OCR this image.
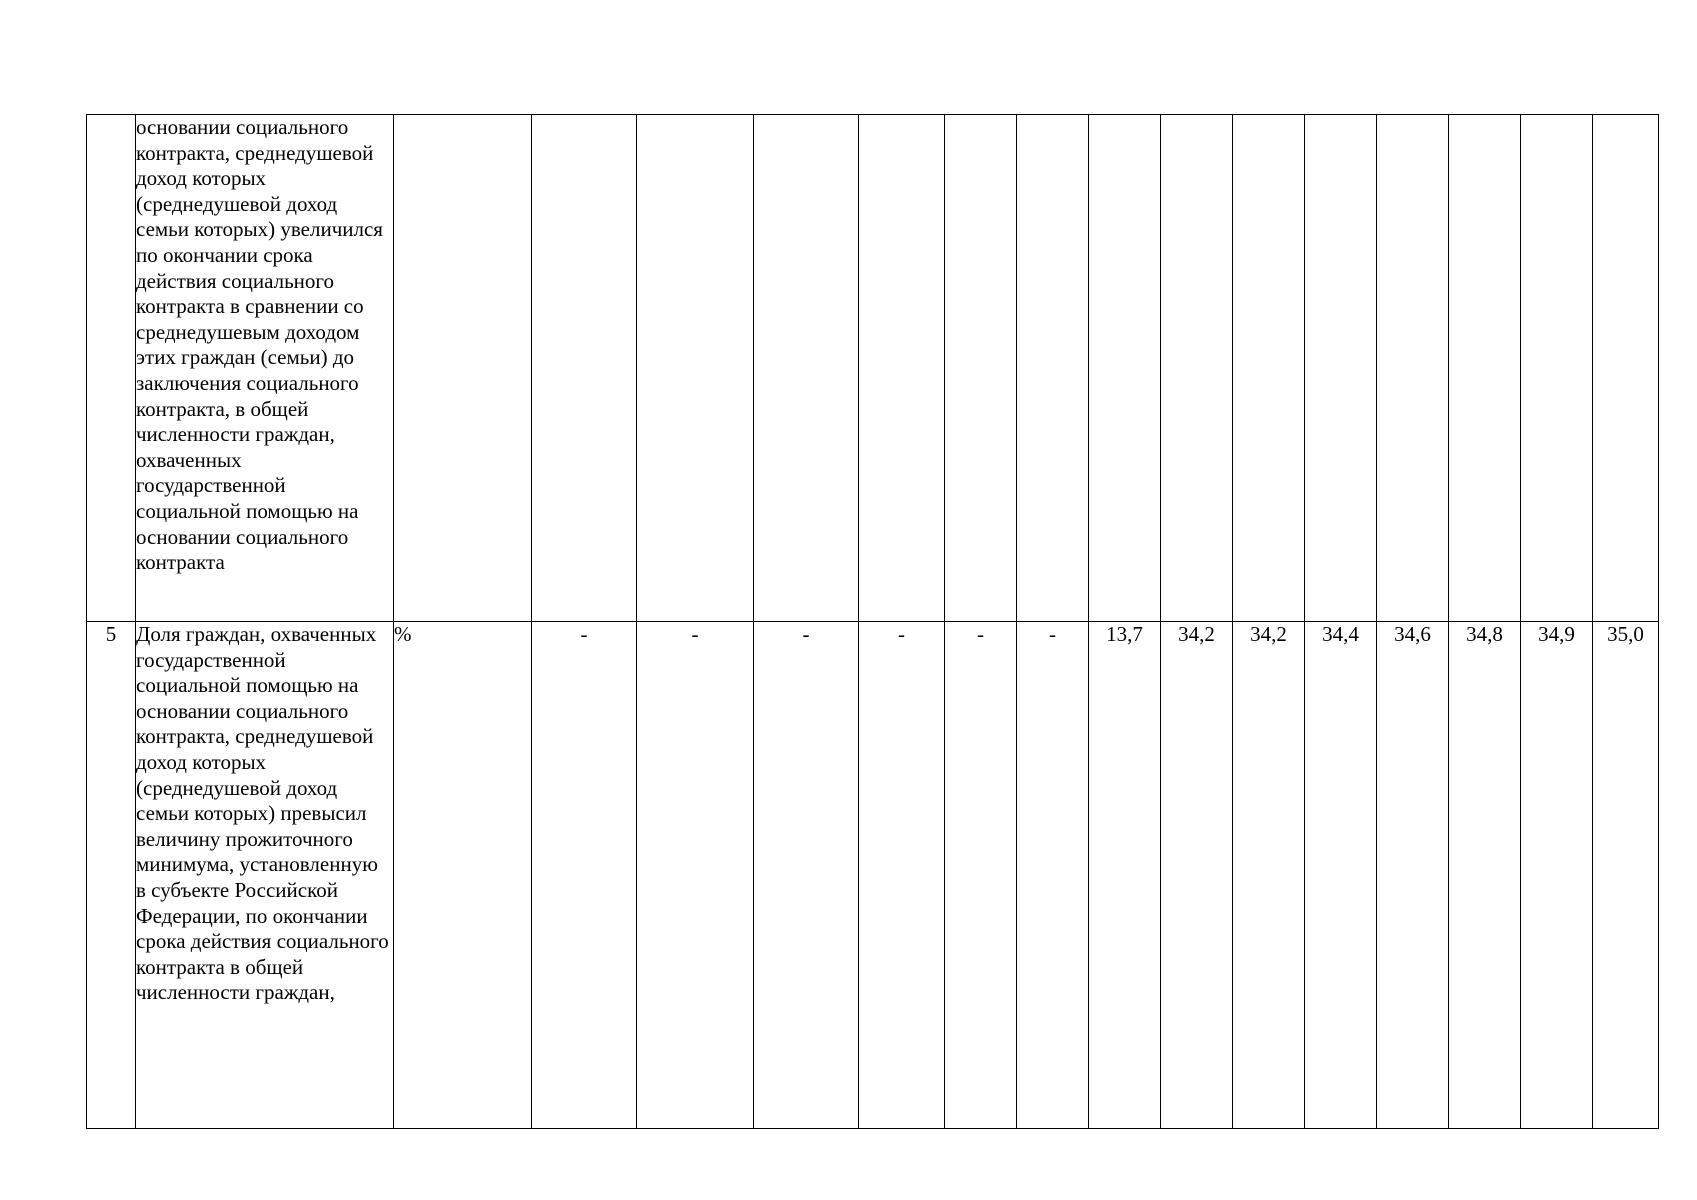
	основании социального контракта, среднедушевой доход которых (среднедушевой доход семьи которых) увеличился по окончании срока действия социального контракта в сравнении со среднедушевым доходом этих граждан (семьи) до заключения социального контракта, в общей численности граждан, охваченных государственной социальной помощью на основании социального контракта															
5	Доля граждан, охваченных государственной социальной помощью на основании социального контракта, среднедушевой доход которых (среднедушевой доход семьи которых) превысил величину прожиточного минимума, установленную в субъекте Российской Федерации, по окончании срока действия социального контракта в общей численности граждан,	%	-	-	-	-	-	-	13,7	34,2	34,2	34,4	34,6	34,8	34,9	35,0
